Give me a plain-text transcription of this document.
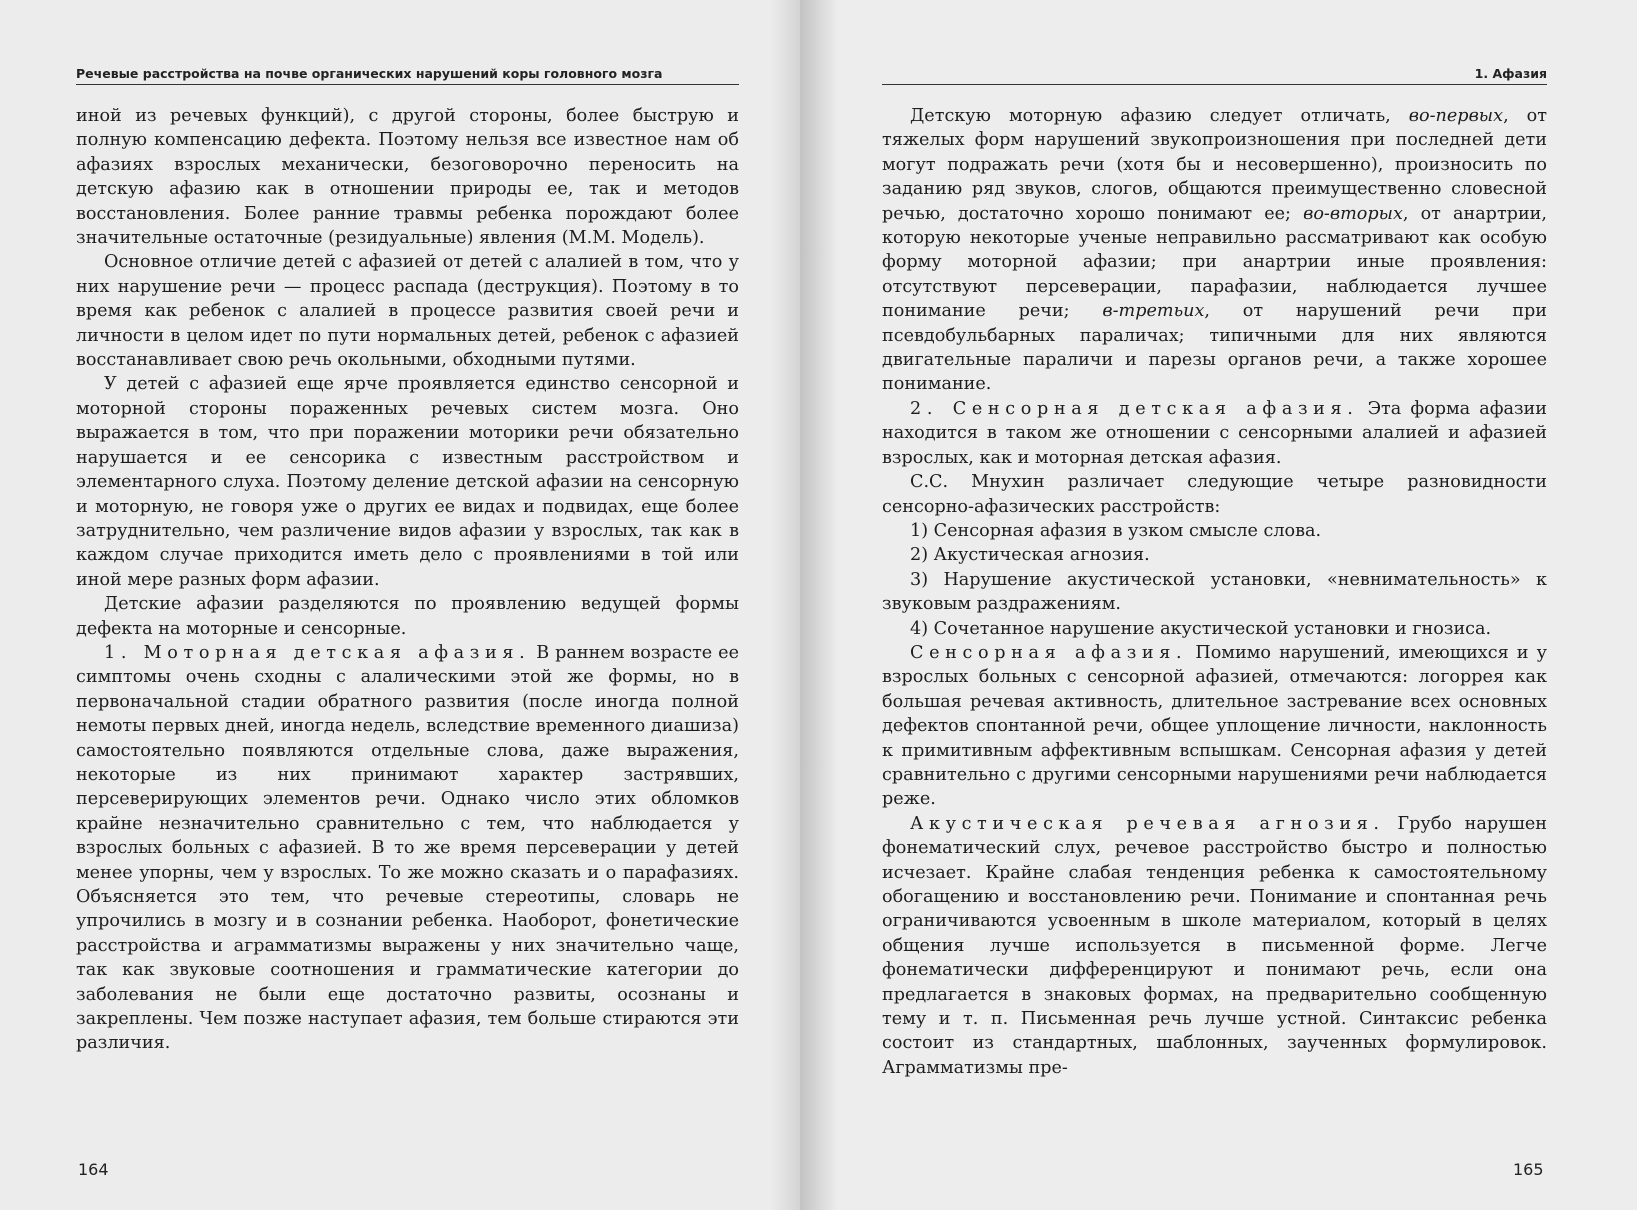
Речевые расстройства на почве органических нарушений коры головного мозга

иной из речевых функций), с другой стороны, более быструю и полную компенсацию дефекта. Поэтому нельзя все известное нам об афазиях взрослых механически, безоговорочно переносить на детскую афазию как в отношении природы ее, так и методов восстановления. Более ранние травмы ребенка порождают более значительные остаточные (резидуальные) явления (М.М. Модель).

Основное отличие детей с афазией от детей с алалией в том, что у них нарушение речи — процесс распада (деструкция). Поэтому в то время как ребенок с алалией в процессе развития своей речи и личности в целом идет по пути нормальных детей, ребенок с афазией восстанавливает свою речь окольными, обходными путями.

У детей с афазией еще ярче проявляется единство сенсорной и моторной стороны пораженных речевых систем мозга. Оно выражается в том, что при поражении моторики речи обязательно нарушается и ее сенсорика с известным расстройством и элементарного слуха. Поэтому деление детской афазии на сенсорную и моторную, не говоря уже о других ее видах и подвидах, еще более затруднительно, чем различение видов афазии у взрослых, так как в каждом случае приходится иметь дело с проявлениями в той или иной мере разных форм афазии.

Детские афазии разделяются по проявлению ведущей формы дефекта на моторные и сенсорные.

1. Моторная детская афазия. В раннем возрасте ее симптомы очень сходны с алалическими этой же формы, но в первоначальной стадии обратного развития (после иногда полной немоты первых дней, иногда недель, вследствие временного диашиза) самостоятельно появляются отдельные слова, даже выражения, некоторые из них принимают характер застрявших, персеверирующих элементов речи. Однако число этих обломков крайне незначительно сравнительно с тем, что наблюдается у взрослых больных с афазией. В то же время персеверации у детей менее упорны, чем у взрослых. То же можно сказать и о парафазиях. Объясняется это тем, что речевые стереотипы, словарь не упрочились в мозгу и в сознании ребенка. Наоборот, фонетические расстройства и аграмматизмы выражены у них значительно чаще, так как звуковые соотношения и грамматические категории до заболевания не были еще достаточно развиты, осознаны и закреплены. Чем позже наступает афазия, тем больше стираются эти различия.

164
1. Афазия

Детскую моторную афазию следует отличать, во-первых, от тяжелых форм нарушений звукопроизношения при последней дети могут подражать речи (хотя бы и несовершенно), произносить по заданию ряд звуков, слогов, общаются преимущественно словесной речью, достаточно хорошо понимают ее; во-вторых, от анартрии, которую некоторые ученые неправильно рассматривают как особую форму моторной афазии; при анартрии иные проявления: отсутствуют персеверации, парафазии, наблюдается лучшее понимание речи; в-третьих, от нарушений речи при псевдобульбарных параличах; типичными для них являются двигательные параличи и парезы органов речи, а также хорошее понимание.

2. Сенсорная детская афазия. Эта форма афазии находится в таком же отношении с сенсорными алалией и афазией взрослых, как и моторная детская афазия.

С.С. Мнухин различает следующие четыре разновидности сенсорно-афазических расстройств:

1) Сенсорная афазия в узком смысле слова.

2) Акустическая агнозия.

3) Нарушение акустической установки, «невнимательность» к звуковым раздражениям.

4) Сочетанное нарушение акустической установки и гнозиса.

Сенсорная афазия. Помимо нарушений, имеющихся и у взрослых больных с сенсорной афазией, отмечаются: логоррея как большая речевая активность, длительное застревание всех основных дефектов спонтанной речи, общее уплощение личности, наклонность к примитивным аффективным вспышкам. Сенсорная афазия у детей сравнительно с другими сенсорными нарушениями речи наблюдается реже.

Акустическая речевая агнозия. Грубо нарушен фонематический слух, речевое расстройство быстро и полностью исчезает. Крайне слабая тенденция ребенка к самостоятельному обогащению и восстановлению речи. Понимание и спонтанная речь ограничиваются усвоенным в школе материалом, который в целях общения лучше используется в письменной форме. Легче фонематически дифференцируют и понимают речь, если она предлагается в знаковых формах, на предварительно сообщенную тему и т. п. Письменная речь лучше устной. Синтаксис ребенка состоит из стандартных, шаблонных, заученных формулировок. Аграмматизмы пре-

165
